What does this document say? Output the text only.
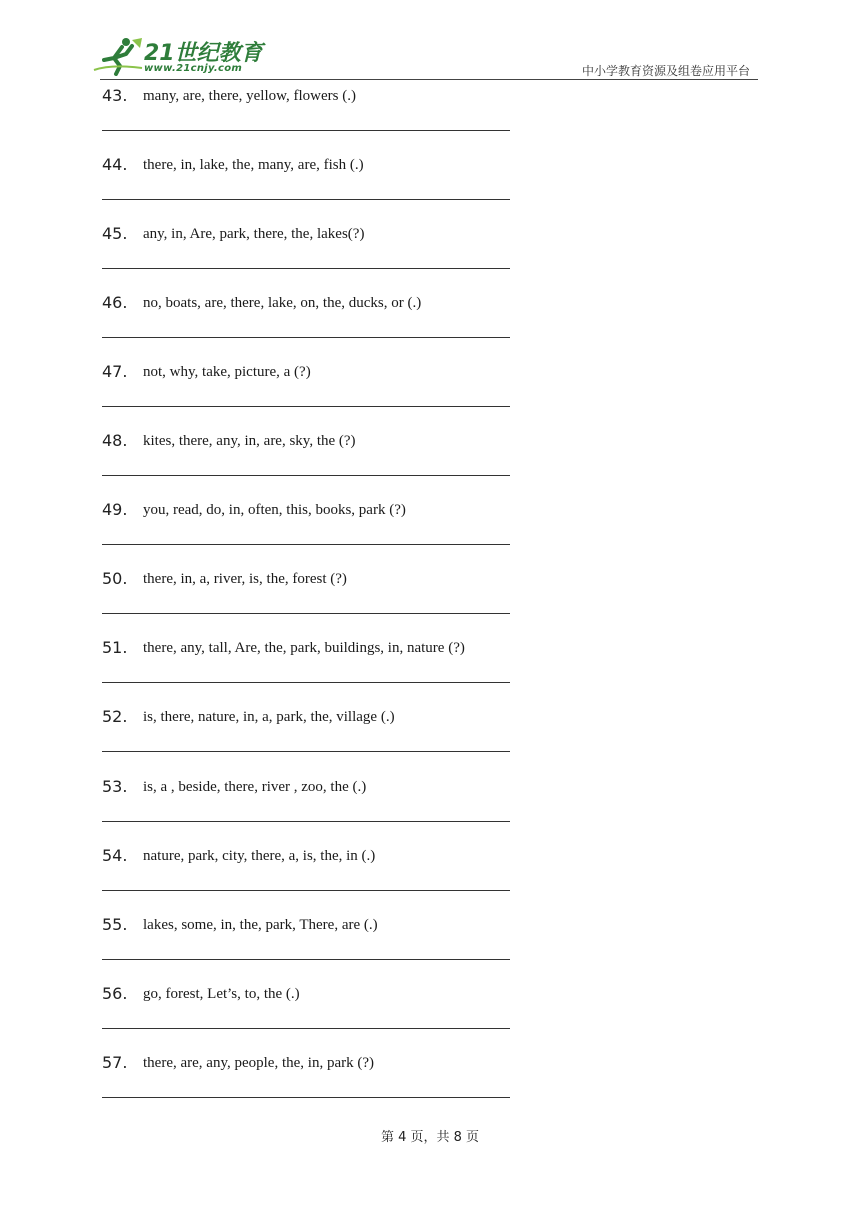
21世纪教育
www.21cnjy.com	中小学教育资源及组卷应用平台
43. many, are, there, yellow, flowers (.)
44. there, in, lake, the, many, are, fish (.)
45. any, in, Are, park, there, the, lakes(?)
46. no, boats, are, there, lake, on, the, ducks, or (.)
47. not, why, take, picture, a (?)
48. kites, there, any, in, are, sky, the (?)
49. you, read, do, in, often, this, books, park (?)
50. there, in, a, river, is, the, forest (?)
51. there, any, tall, Are, the, park, buildings, in, nature (?)
52. is, there, nature, in, a, park, the, village (.)
53. is, a , beside, there, river , zoo, the (.)
54. nature, park, city, there, a, is, the, in (.)
55. lakes, some, in, the, park, There, are (.)
56. go, forest, Let’s, to, the (.)
57. there, are, any, people, the, in, park (?)
第 4 页，共 8 页
